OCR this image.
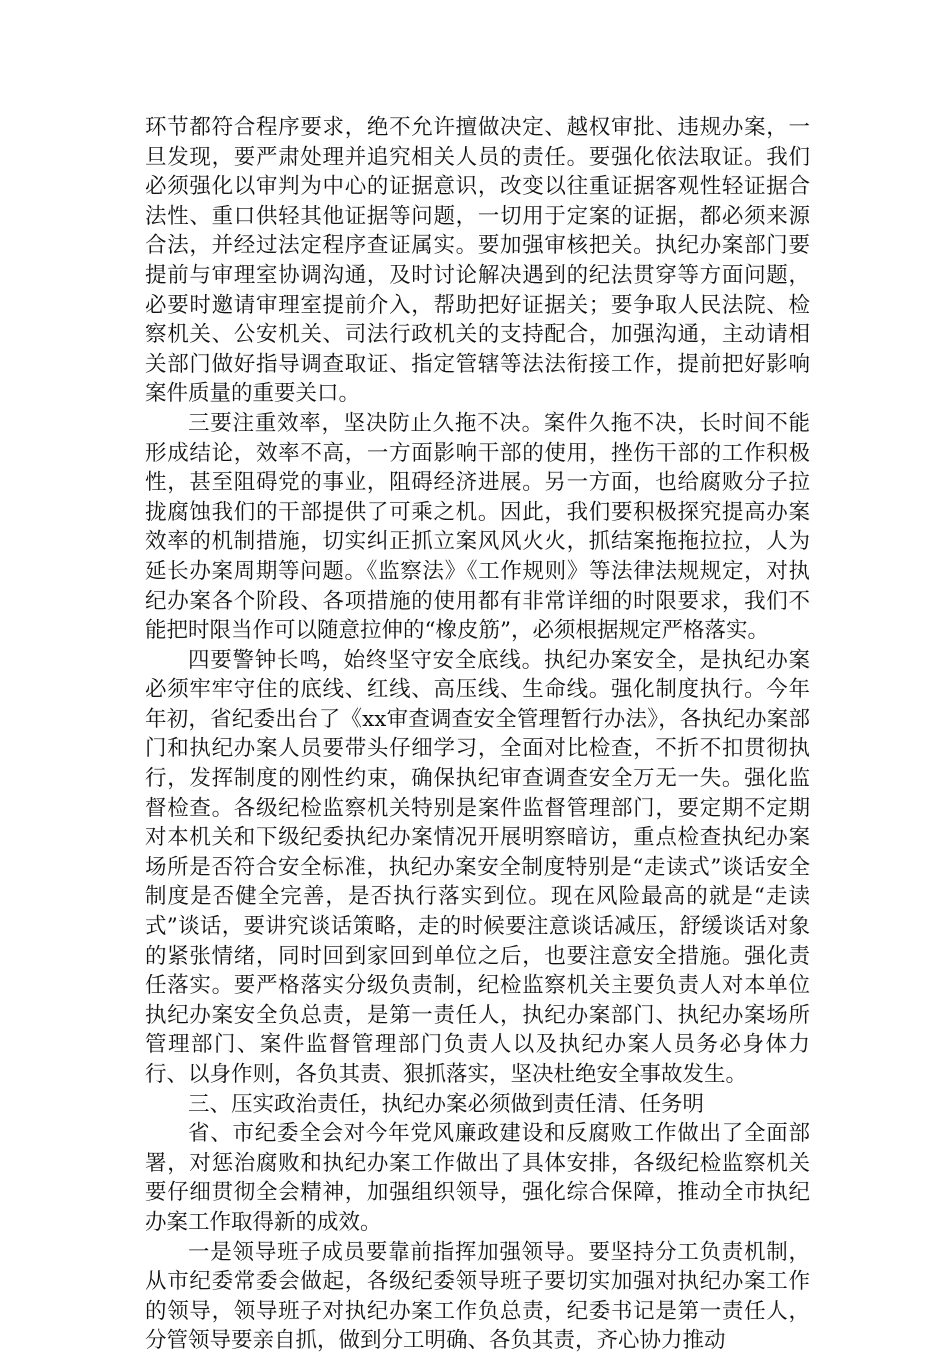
环节都符合程序要求，绝不允许擅做决定、越权审批、违规办案，一旦发现，要严肃处理并追究相关人员的责任。要强化依法取证。我们必须强化以审判为中心的证据意识，改变以往重证据客观性轻证据合法性、重口供轻其他证据等问题，一切用于定案的证据，都必须来源合法，并经过法定程序查证属实。要加强审核把关。执纪办案部门要提前与审理室协调沟通，及时讨论解决遇到的纪法贯穿等方面问题，必要时邀请审理室提前介入，帮助把好证据关；要争取人民法院、检察机关、公安机关、司法行政机关的支持配合，加强沟通，主动请相关部门做好指导调查取证、指定管辖等法法衔接工作，提前把好影响案件质量的重要关口。

三要注重效率，坚决防止久拖不决。案件久拖不决，长时间不能形成结论，效率不高，一方面影响干部的使用，挫伤干部的工作积极性，甚至阻碍党的事业，阻碍经济进展。另一方面，也给腐败分子拉拢腐蚀我们的干部提供了可乘之机。因此，我们要积极探究提高办案效率的机制措施，切实纠正抓立案风风火火，抓结案拖拖拉拉，人为延长办案周期等问题。《监察法》《工作规则》等法律法规规定，对执纪办案各个阶段、各项措施的使用都有非常详细的时限要求，我们不能把时限当作可以随意拉伸的“橡皮筋”，必须根据规定严格落实。

四要警钟长鸣，始终坚守安全底线。执纪办案安全，是执纪办案必须牢牢守住的底线、红线、高压线、生命线。强化制度执行。今年年初，省纪委出台了《xx审查调查安全管理暂行办法》，各执纪办案部门和执纪办案人员要带头仔细学习，全面对比检查，不折不扣贯彻执行，发挥制度的刚性约束，确保执纪审查调查安全万无一失。强化监督检查。各级纪检监察机关特别是案件监督管理部门，要定期不定期对本机关和下级纪委执纪办案情况开展明察暗访，重点检查执纪办案场所是否符合安全标准，执纪办案安全制度特别是“走读式”谈话安全制度是否健全完善，是否执行落实到位。现在风险最高的就是“走读式”谈话，要讲究谈话策略，走的时候要注意谈话减压，舒缓谈话对象的紧张情绪，同时回到家回到单位之后，也要注意安全措施。强化责任落实。要严格落实分级负责制，纪检监察机关主要负责人对本单位执纪办案安全负总责，是第一责任人，执纪办案部门、执纪办案场所管理部门、案件监督管理部门负责人以及执纪办案人员务必身体力行、以身作则，各负其责、狠抓落实，坚决杜绝安全事故发生。

三、压实政治责任，执纪办案必须做到责任清、任务明

省、市纪委全会对今年党风廉政建设和反腐败工作做出了全面部署，对惩治腐败和执纪办案工作做出了具体安排，各级纪检监察机关要仔细贯彻全会精神，加强组织领导，强化综合保障，推动全市执纪办案工作取得新的成效。

一是领导班子成员要靠前指挥加强领导。要坚持分工负责机制，从市纪委常委会做起，各级纪委领导班子要切实加强对执纪办案工作的领导，领导班子对执纪办案工作负总责，纪委书记是第一责任人，分管领导要亲自抓，做到分工明确、各负其责，齐心协力推动
